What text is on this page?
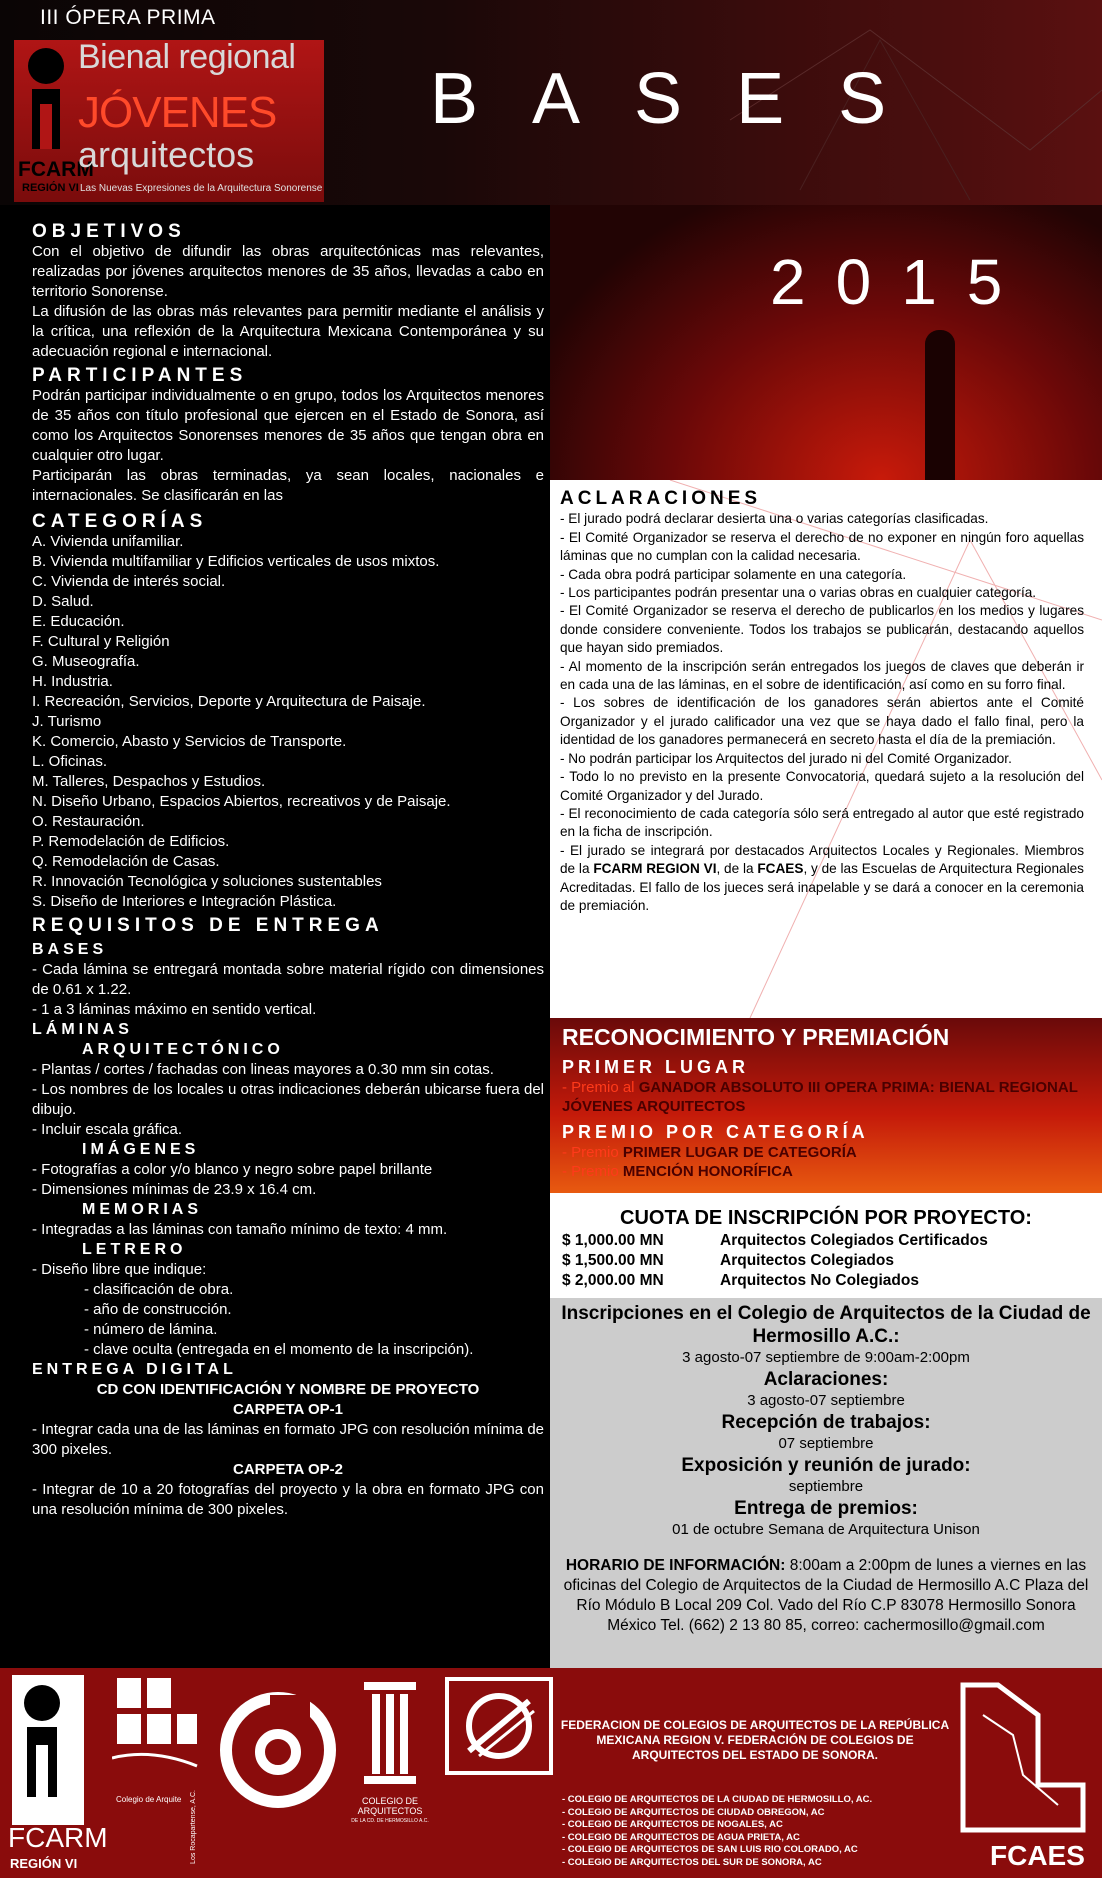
III ÓPERA PRIMA
FCARM
REGIÓN VI
Bienal regional
JÓVENES
arquitectos
Las Nuevas Expresiones de la Arquitectura Sonorense
BASES
2015
OBJETIVOS
Con el objetivo de difundir las obras arquitectónicas mas relevantes, realizadas por jóvenes arquitectos menores de 35 años, llevadas a cabo en territorio Sonorense.
La difusión de las obras más relevantes para permitir mediante el análisis y la crítica, una reflexión de la Arquitectura Mexicana Contemporánea y su adecuación regional e internacional.
PARTICIPANTES
Podrán participar individualmente o en grupo, todos los Arquitectos menores de 35 años con título profesional que ejercen en el Estado de Sonora, así como los Arquitectos Sonorenses menores de 35 años que tengan obra en cualquier otro lugar.
Participarán las obras terminadas, ya sean locales, nacionales e internacionales. Se clasificarán en las
CATEGORÍAS
A. Vivienda unifamiliar.
B. Vivienda multifamiliar y Edificios verticales de usos mixtos.
C. Vivienda de interés social.
D. Salud.
E. Educación.
F. Cultural y Religión
G. Museografía.
H. Industria.
I. Recreación, Servicios, Deporte y Arquitectura de Paisaje.
J. Turismo
K. Comercio, Abasto y Servicios de Transporte.
L. Oficinas.
M. Talleres, Despachos y Estudios.
N. Diseño Urbano, Espacios Abiertos, recreativos y de Paisaje.
O. Restauración.
P. Remodelación de Edificios.
Q. Remodelación de Casas.
R. Innovación Tecnológica y soluciones sustentables
S. Diseño de Interiores e Integración Plástica.
REQUISITOS DE ENTREGA
BASES
- Cada lámina se entregará montada sobre material rígido con dimensiones de 0.61 x 1.22.
- 1 a 3 láminas máximo en sentido vertical.
LÁMINAS
ARQUITECTÓNICO
- Plantas / cortes / fachadas con lineas mayores a 0.30 mm sin cotas.
- Los nombres de los locales u otras indicaciones deberán ubicarse fuera del dibujo.
- Incluir escala gráfica.
IMÁGENES
- Fotografías a color y/o blanco y negro sobre papel brillante
- Dimensiones mínimas de 23.9 x 16.4 cm.
MEMORIAS
- Integradas a las láminas con tamaño mínimo de texto: 4 mm.
LETRERO
- Diseño libre que indique:
- clasificación de obra.
- año de construcción.
- número de lámina.
- clave oculta (entregada en el momento de la inscripción).
ENTREGA DIGITAL
CD CON IDENTIFICACIÓN Y NOMBRE DE PROYECTO
CARPETA OP-1
- Integrar cada una de las láminas en formato JPG con resolución mínima de 300 pixeles.
CARPETA OP-2
- Integrar de 10 a 20 fotografías del proyecto y la obra en formato JPG con una resolución mínima de 300 pixeles.
ACLARACIONES
- El jurado podrá declarar desierta una o varias categorías clasificadas.
- El Comité Organizador se reserva el derecho de no exponer en ningún foro aquellas láminas que no cumplan con la calidad necesaria.
- Cada obra podrá participar solamente en una categoría.
- Los participantes podrán presentar una o varias obras en cualquier categoría.
- El Comité Organizador se reserva el derecho de publicarlos en los medios y lugares donde considere conveniente. Todos los trabajos se publicarán, destacando aquellos que hayan sido premiados.
- Al momento de la inscripción serán entregados los juegos de claves que deberán ir en cada una de las láminas, en el sobre de identificación, así como en su forro final.
- Los sobres de identificación de los ganadores serán abiertos ante el Comité Organizador y el jurado calificador una vez que se haya dado el fallo final, pero la identidad de los ganadores permanecerá en secreto hasta el día de la premiación.
- No podrán participar los Arquitectos del jurado ni del Comité Organizador.
- Todo lo no previsto en la presente Convocatoria, quedará sujeto a la resolución del Comité Organizador y del Jurado.
- El reconocimiento de cada categoría sólo será entregado al autor que esté registrado en la ficha de inscripción.
- El jurado se integrará por destacados Arquitectos Locales y Regionales. Miembros de la FCARM REGION VI, de la FCAES, y de las Escuelas de Arquitectura Regionales Acreditadas. El fallo de los jueces será inapelable y se dará a conocer en la ceremonia de premiación.
RECONOCIMIENTO Y PREMIACIÓN
PRIMER LUGAR
- Premio al GANADOR ABSOLUTO III OPERA PRIMA: BIENAL REGIONAL JÓVENES ARQUITECTOS
PREMIO POR CATEGORÍA
- Premio PRIMER LUGAR DE CATEGORÍA
- Premio MENCIÓN HONORÍFICA
CUOTA DE INSCRIPCIÓN POR PROYECTO:
$ 1,000.00 MN	Arquitectos Colegiados Certificados
$ 1,500.00 MN	Arquitectos Colegiados
$ 2,000.00 MN	Arquitectos No Colegiados
Inscripciones en el Colegio de Arquitectos de la Ciudad de Hermosillo A.C.:
3 agosto-07 septiembre de 9:00am-2:00pm
Aclaraciones:
3 agosto-07 septiembre
Recepción de trabajos:
07 septiembre
Exposición y reunión de jurado:
septiembre
Entrega de premios:
01 de octubre Semana de Arquitectura Unison
HORARIO DE INFORMACIÓN: 8:00am a 2:00pm de lunes a viernes en las oficinas del Colegio de Arquitectos de la Ciudad de Hermosillo A.C Plaza del Río Módulo B Local 209 Col. Vado del Río C.P 83078 Hermosillo Sonora México Tel. (662) 2 13 80 85, correo: cachermosillo@gmail.com
FCARM
REGIÓN VI
Colegio de Arquite Los Rocapartense, A.C.	COLEGIO DE ARQUITECTOS
DE LA CD. DE HERMOSILLO A.C.
FEDERACION DE COLEGIOS DE ARQUITECTOS DE LA REPÚBLICA MEXICANA REGION V. FEDERACIÓN DE COLEGIOS DE ARQUITECTOS DEL ESTADO DE SONORA.
- COLEGIO DE ARQUITECTOS DE LA CIUDAD DE HERMOSILLO, AC.
- COLEGIO DE ARQUITECTOS DE CIUDAD OBREGON, AC
- COLEGIO DE ARQUITECTOS DE NOGALES, AC
- COLEGIO DE ARQUITECTOS DE AGUA PRIETA, AC
- COLEGIO DE ARQUITECTOS DE SAN LUIS RIO COLORADO, AC
- COLEGIO DE ARQUITECTOS DEL SUR DE SONORA, AC	FCAES
